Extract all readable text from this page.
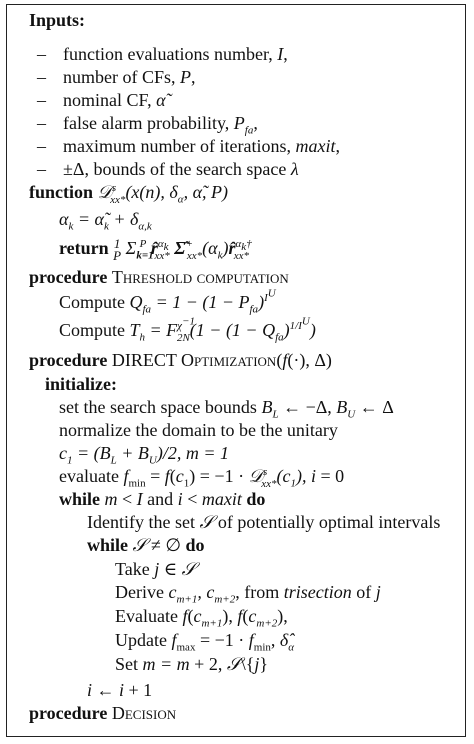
Inputs:
– function evaluations number, I,
– number of CFs, P,
– nominal CF, α̃
– false alarm probability, $P_{fa}$,
– maximum number of iterations, maxit,
– ±Δ, bounds of the search space λ
function 𝒟$^s_{xx*}$(x(n), $\delta_\alpha$, α̃, P)
$\alpha_k$ = $\alphã_k + \delta_{\alpha,k}$
return 1
P $\Sigma_{k=1}^P$ r̂$^{\alpha_k}_{xx*}$ $\Sigmâ^+_{xx*}(\alpha_k)r̂^{\alpha_k\dagger}_{xx*}$
procedure Threshold computation
Compute $Q_{fa} = 1 - (1 - P_{fa})^{I^U}$
Compute $T_h = F^{\chi^{-1}}_{2N}(1 - (1 - Q_{fa})^{1/I^U})$
procedure DIRECT Optimization(f(·), Δ)
initialize:
set the search space bounds $B_L$ ← −Δ, $B_U$ ← Δ
normalize the domain to be the unitary
$c_1 = (B_L + B_U)/2$, m = 1
evaluate $f_{min} = f(c_1) = -1$ · $𝒟^s_{xx*}(c_1)$, i = 0
while m < I and i < maxit do
Identify the set 𝒮 of potentially optimal intervals
while 𝒮 ≠ ∅ do
Take j ∈ 𝒮
Derive $c_{m+1}$, $c_{m+2}$, from trisection of j
Evaluate $f(c_{m+1})$, $f(c_{m+2})$,
Update $f_{max} = -1 \cdot f_{min}$, $\deltâ_\alpha$
Set m = m + 2, 𝒮\{j}
i ← i + 1
procedure Decision
